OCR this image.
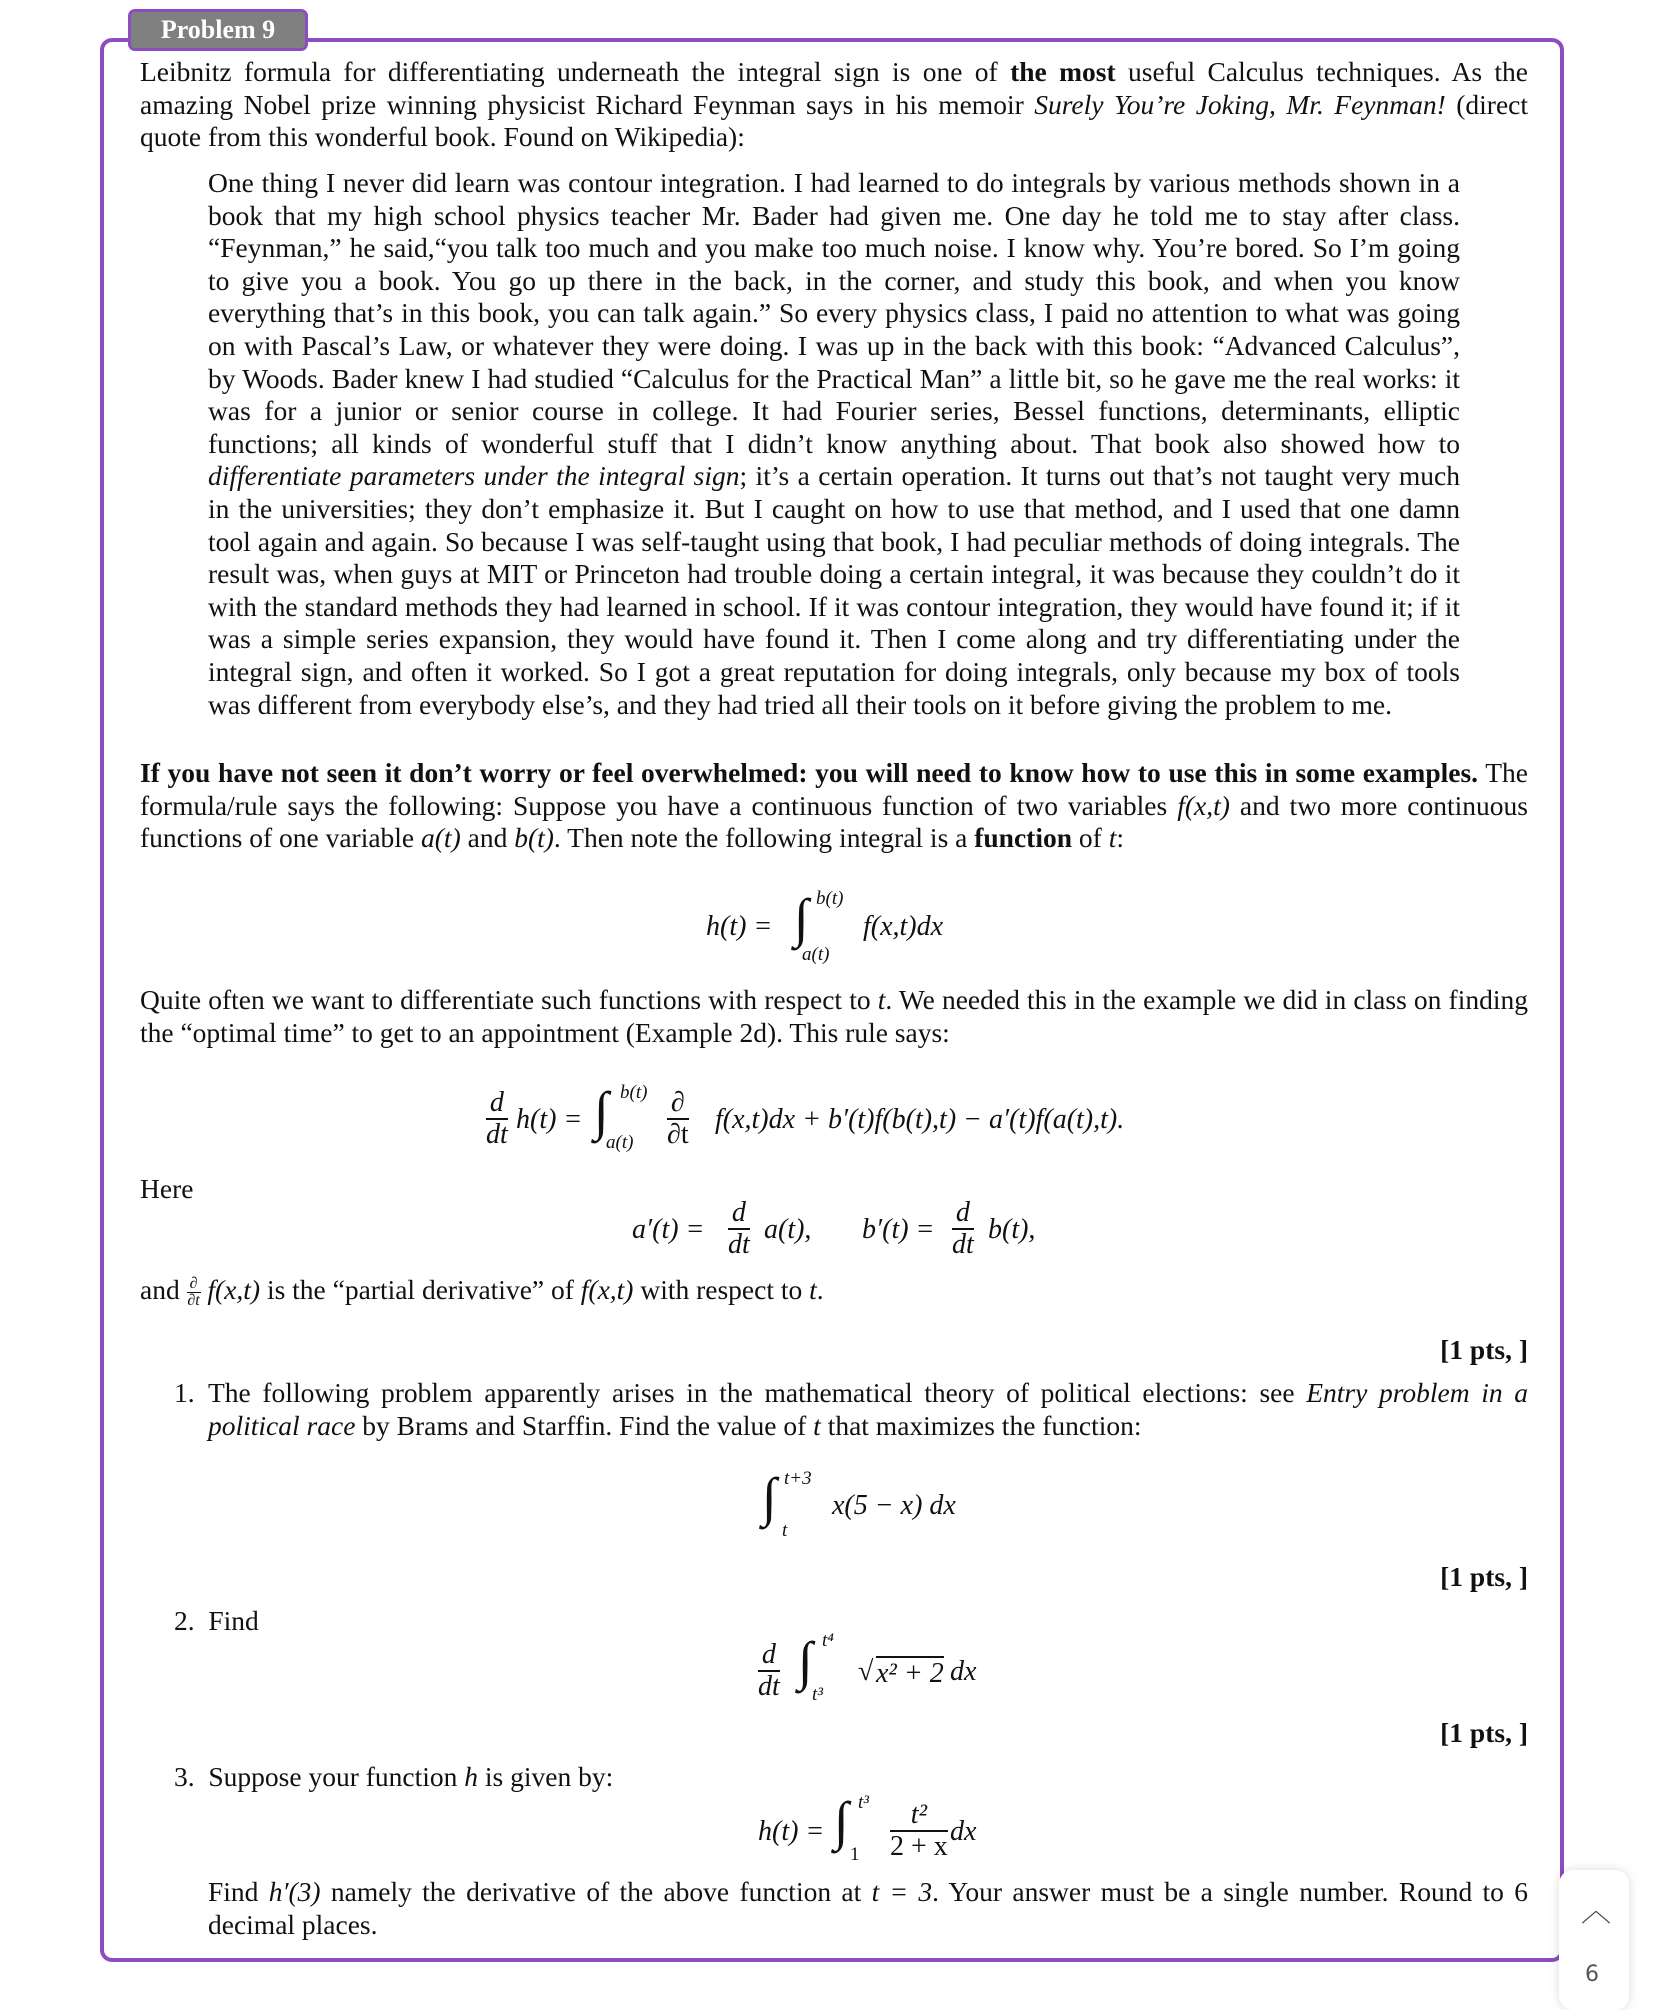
Problem 9
Leibnitz formula for differentiating underneath the integral sign is one of the most useful Calculus techniques. As the amazing Nobel prize winning physicist Richard Feynman says in his memoir Surely You’re Joking, Mr. Feynman! (direct quote from this wonderful book. Found on Wikipedia):
One thing I never did learn was contour integration. I had learned to do integrals by various methods shown in a book that my high school physics teacher Mr. Bader had given me. One day he told me to stay after class. “Feynman,” he said,“you talk too much and you make too much noise. I know why. You’re bored. So I’m going to give you a book. You go up there in the back, in the corner, and study this book, and when you know everything that’s in this book, you can talk again.” So every physics class, I paid no attention to what was going on with Pascal’s Law, or whatever they were doing. I was up in the back with this book: “Advanced Calculus”, by Woods. Bader knew I had studied “Calculus for the Practical Man” a little bit, so he gave me the real works: it was for a junior or senior course in college. It had Fourier series, Bessel functions, determinants, elliptic functions; all kinds of wonderful stuff that I didn’t know anything about. That book also showed how to differentiate parameters under the integral sign; it’s a certain operation. It turns out that’s not taught very much in the universities; they don’t emphasize it. But I caught on how to use that method, and I used that one damn tool again and again. So because I was self-taught using that book, I had peculiar methods of doing integrals. The result was, when guys at MIT or Princeton had trouble doing a certain integral, it was because they couldn’t do it with the standard methods they had learned in school. If it was contour integration, they would have found it; if it was a simple series expansion, they would have found it. Then I come along and try differentiating under the integral sign, and often it worked. So I got a great reputation for doing integrals, only because my box of tools was different from everybody else’s, and they had tried all their tools on it before giving the problem to me.
If you have not seen it don’t worry or feel overwhelmed: you will need to know how to use this in some examples. The formula/rule says the following: Suppose you have a continuous function of two variables f(x,t) and two more continuous functions of one variable a(t) and b(t). Then note the following integral is a function of t:
h(t) = ∫ b(t)
a(t)
f(x,t)dx
Quite often we want to differentiate such functions with respect to t. We needed this in the example we did in class on finding the “optimal time” to get to an appointment (Example 2d). This rule says:
$\frac{d}{dt} h(t)$ = ∫ b(t)
a(t)
∂
∂t f(x,t)dx + b′(t)f(b(t),t) − a′(t)f(a(t),t).
Here
$a'(t) = \frac{d}{dt} a(t)$, $b'(t) = \frac{d}{dt} b(t)$,
and $\frac{\partial}{\partial t} f(x,t)$ is the “partial derivative” of f(x,t) with respect to t.
[1 pts, ]
1. The following problem apparently arises in the mathematical theory of political elections: see Entry problem in a political race by Brams and Starffin. Find the value of t that maximizes the function:
∫ t+3
t
x(5 − x) dx
[1 pts, ]
2. Find
$\frac{d}{dt}$ ∫ t⁴
t³
√ x² + 2 dx
[1 pts, ]
3. Suppose your function h is given by:
h(t) = ∫ t³
$1 \frac{\text{t²}}{2 + x}$ dx
Find h′(3) namely the derivative of the above function at t = 3. Your answer must be a single number. Round to 6 decimal places.	︿
6
